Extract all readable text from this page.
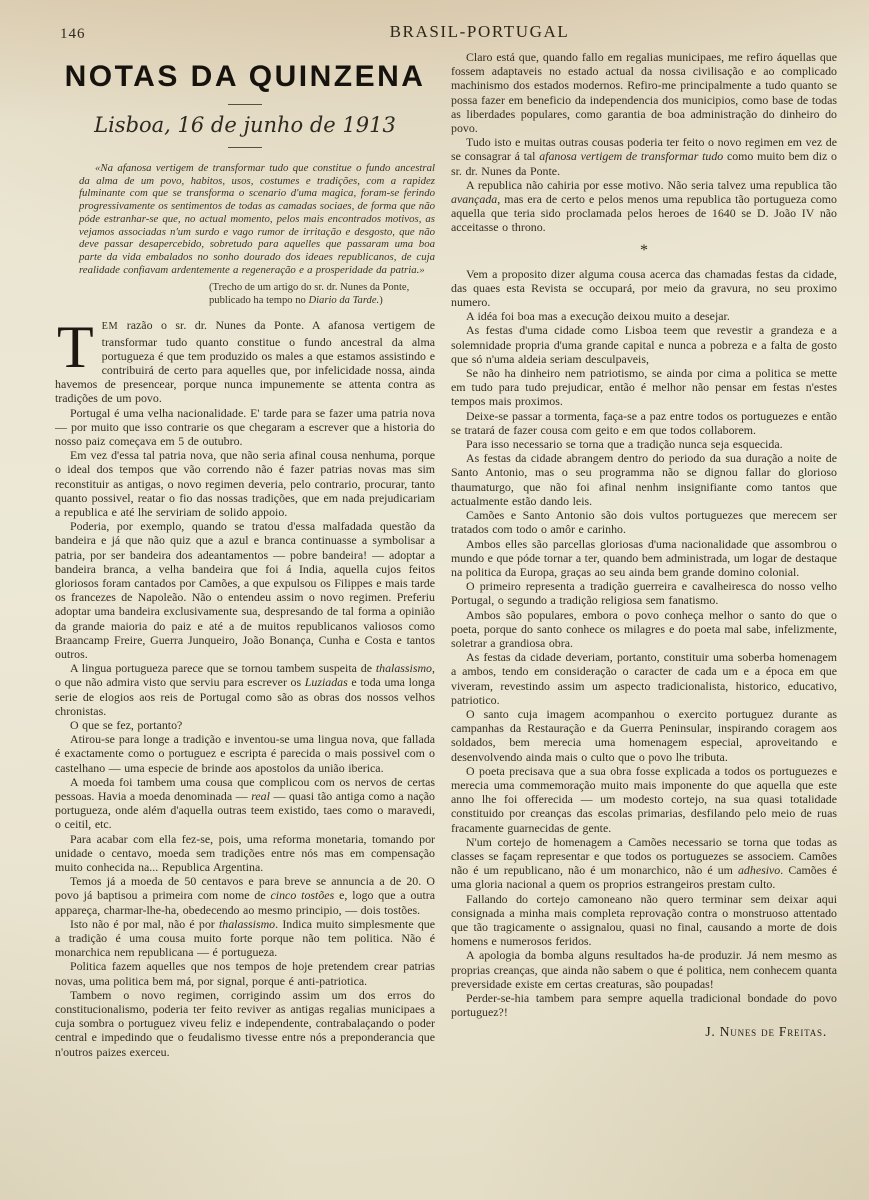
146	BRASIL-PORTUGAL
NOTAS DA QUINZENA
Lisboa, 16 de junho de 1913
«Na afanosa vertigem de transformar tudo que constitue o fundo ancestral da alma de um povo, habitos, usos, costumes e tradições, com a rapidez fulminante com que se transforma o scenario d'uma magica, foram-se ferindo progressivamente os sentimentos de todas as camadas sociaes, de forma que não póde estranhar-se que, no actual momento, pelos mais encontrados motivos, as vejamos associadas n'um surdo e vago rumor de irritação e desgosto, que não deve passar desapercebido, sobretudo para aquelles que passaram uma boa parte da vida embalados no sonho dourado dos ideaes republicanos, de cuja realidade confiavam ardentemente a regeneração e a prosperidade da patria.»
(Trecho de um artigo do sr. dr. Nunes da Ponte, publicado ha tempo no Diario da Tarde.)

TEM razão o sr. dr. Nunes da Ponte. A afanosa vertigem de transformar tudo quanto constitue o fundo ancestral da alma portugueza é que tem produzido os males a que estamos assistindo e contribuirá de certo para aquelles que, por infelicidade nossa, ainda havemos de presencear, porque nunca impunemente se attenta contra as tradições de um povo.

Portugal é uma velha nacionalidade. E' tarde para se fazer uma patria nova — por muito que isso contrarie os que chegaram a escrever que a historia do nosso paiz começava em 5 de outubro.

Em vez d'essa tal patria nova, que não seria afinal cousa nenhuma, porque o ideal dos tempos que vão correndo não é fazer patrias novas mas sim reconstituir as antigas, o novo regimen deveria, pelo contrario, procurar, tanto quanto possivel, reatar o fio das nossas tradições, que em nada prejudicariam a republica e até lhe serviriam de solido appoio.

Poderia, por exemplo, quando se tratou d'essa malfadada questão da bandeira e já que não quiz que a azul e branca continuasse a symbolisar a patria, por ser bandeira dos adeantamentos — pobre bandeira! — adoptar a bandeira branca, a velha bandeira que foi á India, aquella cujos feitos gloriosos foram cantados por Camões, a que expulsou os Filippes e mais tarde os francezes de Napoleão. Não o entendeu assim o novo regimen. Preferiu adoptar uma bandeira exclusivamente sua, despresando de tal forma a opinião da grande maioria do paiz e até a de muitos republicanos valiosos como Braancamp Freire, Guerra Junqueiro, João Bonança, Cunha e Costa e tantos outros.

A lingua portugueza parece que se tornou tambem suspeita de thalassismo, o que não admira visto que serviu para escrever os Luziadas e toda uma longa serie de elogios aos reis de Portugal como são as obras dos nossos velhos chronistas.

O que se fez, portanto?

Atirou-se para longe a tradição e inventou-se uma lingua nova, que fallada é exactamente como o portuguez e escripta é parecida o mais possivel com o castelhano — uma especie de brinde aos apostolos da união iberica.

A moeda foi tambem uma cousa que complicou com os nervos de certas pessoas. Havia a moeda denominada — real — quasi tão antiga como a nação portugueza, onde além d'aquella outras teem existido, taes como o maravedi, o ceitil, etc.

Para acabar com ella fez-se, pois, uma reforma monetaria, tomando por unidade o centavo, moeda sem tradições entre nós mas em compensação muito conhecida na... Republica Argentina.

Temos já a moeda de 50 centavos e para breve se annuncia a de 20. O povo já baptisou a primeira com nome de cinco tostões e, logo que a outra appareça, charmar-lhe-ha, obedecendo ao mesmo principio, — dois tostões.

Isto não é por mal, não é por thalassismo. Indica muito simplesmente que a tradição é uma cousa muito forte porque não tem politica. Não é monarchica nem republicana — é portugueza.

Politica fazem aquelles que nos tempos de hoje pretendem crear patrias novas, uma politica bem má, por signal, porque é anti-patriotica.

Tambem o novo regimen, corrigindo assim um dos erros do constitucionalismo, poderia ter feito reviver as antigas regalias municipaes a cuja sombra o portuguez viveu feliz e independente, contrabalaçando o poder central e impedindo que o feudalismo tivesse entre nós a preponderancia que n'outros paizes exerceu.

Claro está que, quando fallo em regalias municipaes, me refiro áquellas que fossem adaptaveis no estado actual da nossa civilisação e ao complicado machinismo dos estados modernos. Refiro-me principalmente a tudo quanto se possa fazer em beneficio da independencia dos municipios, como base de todas as liberdades populares, como garantia de boa administração do dinheiro do povo.

Tudo isto e muitas outras cousas poderia ter feito o novo regimen em vez de se consagrar á tal afanosa vertigem de transformar tudo como muito bem diz o sr. dr. Nunes da Ponte.

A republica não cahiria por esse motivo. Não seria talvez uma republica tão avançada, mas era de certo e pelos menos uma republica tão portugueza como aquella que teria sido proclamada pelos heroes de 1640 se D. João IV não acceitasse o throno.

*

Vem a proposito dizer alguma cousa acerca das chamadas festas da cidade, das quaes esta Revista se occupará, por meio da gravura, no seu proximo numero.

A idéa foi boa mas a execução deixou muito a desejar.

As festas d'uma cidade como Lisboa teem que revestir a grandeza e a solemnidade propria d'uma grande capital e nunca a pobreza e a falta de gosto que só n'uma aldeia seriam desculpaveis,

Se não ha dinheiro nem patriotismo, se ainda por cima a politica se mette em tudo para tudo prejudicar, então é melhor não pensar em festas n'estes tempos mais proximos.

Deixe-se passar a tormenta, faça-se a paz entre todos os portuguezes e então se tratará de fazer cousa com geito e em que todos collaborem.

Para isso necessario se torna que a tradição nunca seja esquecida.

As festas da cidade abrangem dentro do periodo da sua duração a noite de Santo Antonio, mas o seu programma não se dignou fallar do glorioso thaumaturgo, que não foi afinal nenhm insignifiante como tantos que actualmente estão dando leis.

Camões e Santo Antonio são dois vultos portuguezes que merecem ser tratados com todo o amôr e carinho.

Ambos elles são parcellas gloriosas d'uma nacionalidade que assombrou o mundo e que póde tornar a ter, quando bem administrada, um logar de destaque na politica da Europa, graças ao seu ainda bem grande domino colonial.

O primeiro representa a tradição guerreira e cavalheiresca do nosso velho Portugal, o segundo a tradição religiosa sem fanatismo.

Ambos são populares, embora o povo conheça melhor o santo do que o poeta, porque do santo conhece os milagres e do poeta mal sabe, infelizmente, soletrar a grandiosa obra.

As festas da cidade deveriam, portanto, constituir uma soberba homenagem a ambos, tendo em consideração o caracter de cada um e a época em que viveram, revestindo assim um aspecto tradicionalista, historico, educativo, patriotico.

O santo cuja imagem acompanhou o exercito portuguez durante as campanhas da Restauração e da Guerra Peninsular, inspirando coragem aos soldados, bem merecia uma homenagem especial, aproveitando e desenvolvendo ainda mais o culto que o povo lhe tributa.

O poeta precisava que a sua obra fosse explicada a todos os portuguezes e merecia uma commemoração muito mais imponente do que aquella que este anno lhe foi offerecida — um modesto cortejo, na sua quasi totalidade constituido por creanças das escolas primarias, desfilando pelo meio de ruas fracamente guarnecidas de gente.

N'um cortejo de homenagem a Camões necessario se torna que todas as classes se façam representar e que todos os portuguezes se associem. Camões não é um republicano, não é um monarchico, não é um adhesivo. Camões é uma gloria nacional a quem os proprios estrangeiros prestam culto.

Fallando do cortejo camoneano não quero terminar sem deixar aqui consignada a minha mais completa reprovação contra o monstruoso attentado que tão tragicamente o assignalou, quasi no final, causando a morte de dois homens e numerosos feridos.

A apologia da bomba alguns resultados ha-de produzir. Já nem mesmo as proprias creanças, que ainda não sabem o que é politica, nem conhecem quanta preversidade existe em certas creaturas, são poupadas!

Perder-se-hia tambem para sempre aquella tradicional bondade do povo portuguez?!

J. Nunes de Freitas.
